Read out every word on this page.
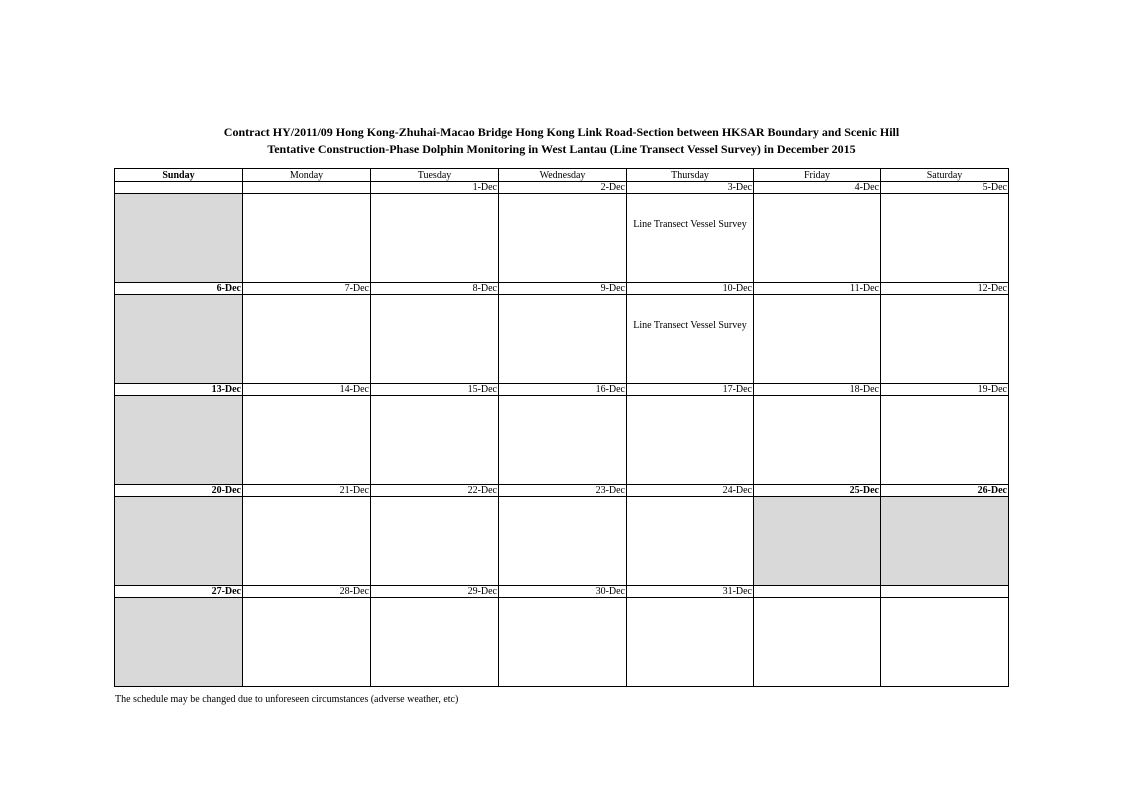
Contract HY/2011/09 Hong Kong-Zhuhai-Macao Bridge Hong Kong Link Road-Section between HKSAR Boundary and Scenic Hill
Tentative Construction-Phase Dolphin Monitoring in West Lantau (Line Transect Vessel Survey) in December 2015
Sunday	Monday	Tuesday	Wednesday	Thursday	Friday	Saturday
		1-Dec	2-Dec	3-Dec	4-Dec	5-Dec

				Line Transect Vessel Survey		

6-Dec	7-Dec	8-Dec	9-Dec	10-Dec	11-Dec	12-Dec

				Line Transect Vessel Survey		

13-Dec	14-Dec	15-Dec	16-Dec	17-Dec	18-Dec	19-Dec

20-Dec	21-Dec	22-Dec	23-Dec	24-Dec	25-Dec	26-Dec

27-Dec	28-Dec	29-Dec	30-Dec	31-Dec		

The schedule may be changed due to unforeseen circumstances (adverse weather, etc)
